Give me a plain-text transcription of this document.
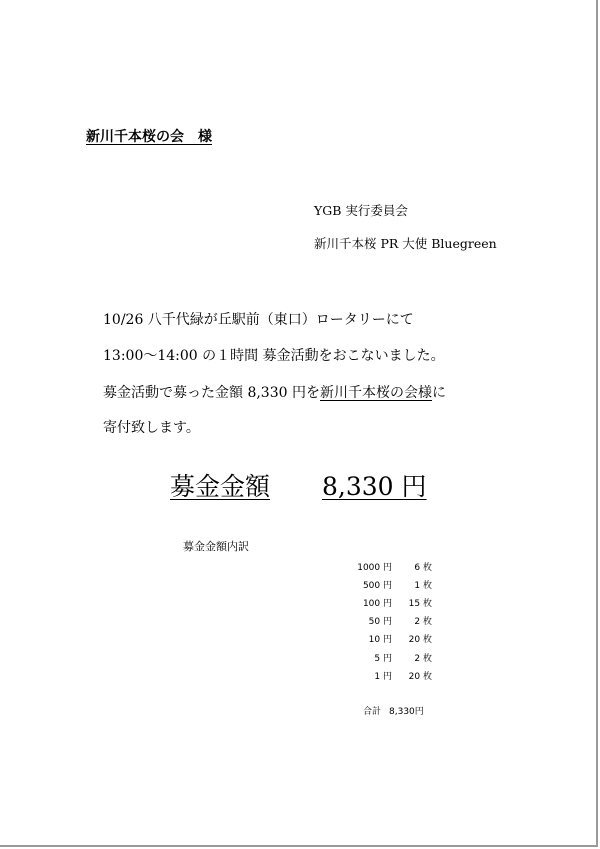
新川千本桜の会　様
YGB 実行委員会
新川千本桜 PR 大使 Bluegreen
10/26 八千代緑が丘駅前（東口）ロータリーにて
13:00～14:00 の１時間 募金活動をおこないました。
募金活動で募った金額 8,330 円を新川千本桜の会様に
寄付致します。
募金金額 8,330 円
募金金額内訳
1000 円	6 枚
500 円	1 枚
100 円	15 枚
50 円	2 枚
10 円	20 枚
5 円	2 枚
1 円	20 枚
合計 8,330円
